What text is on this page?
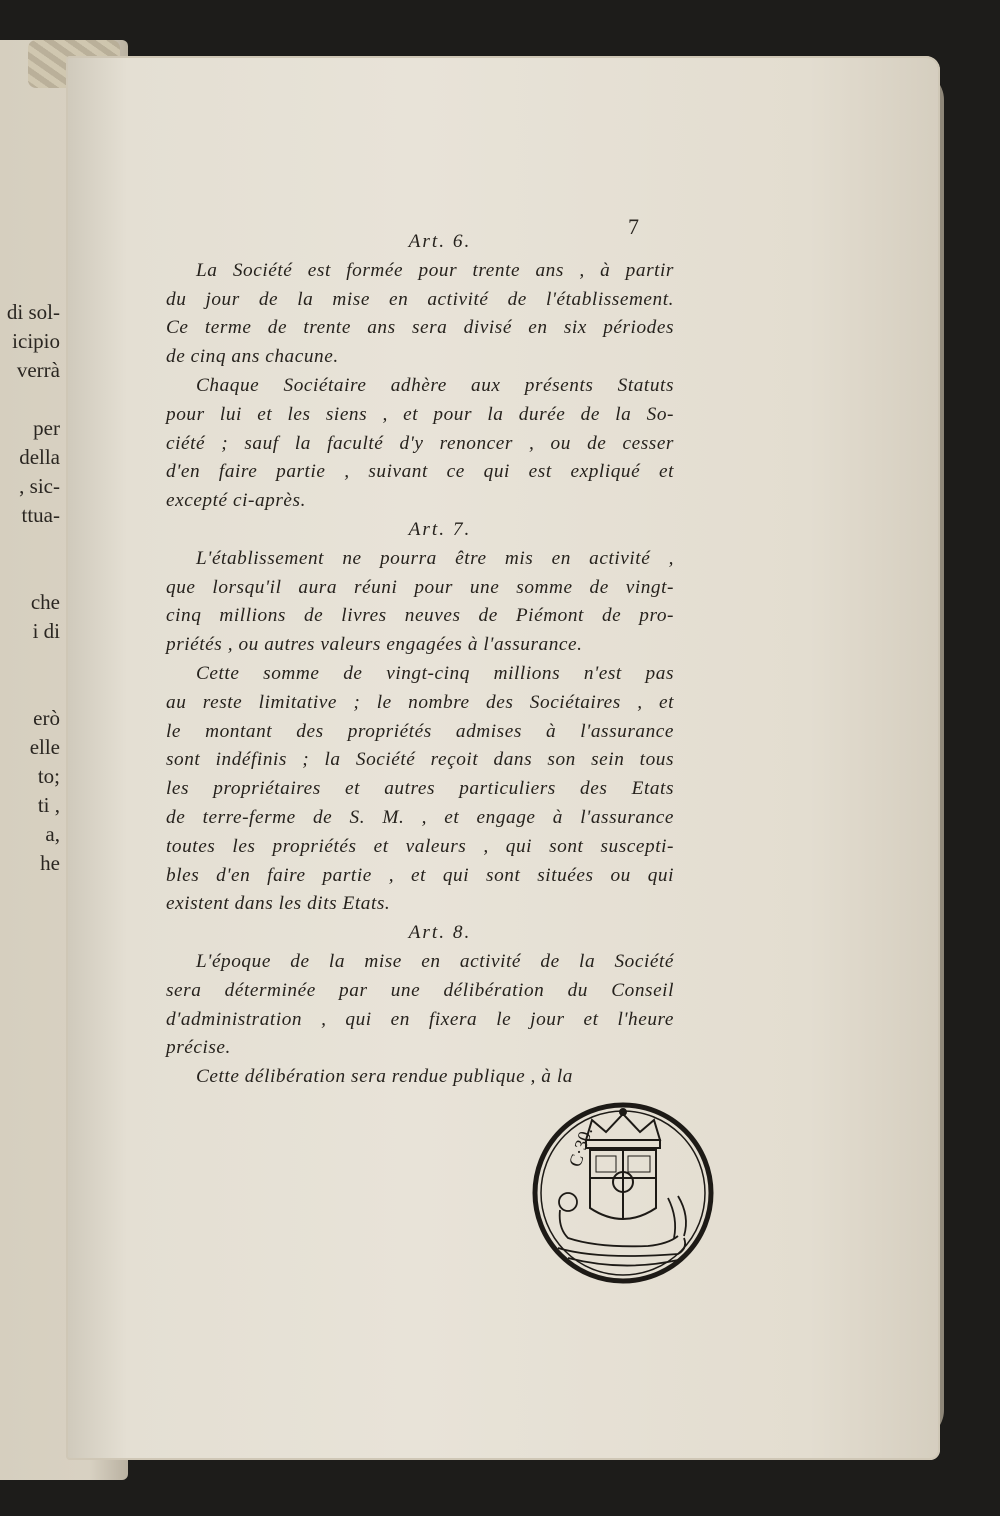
di sol-
icipio
verrà
per
della
, sic-
ttua-
che
i di
erò
elle
to;
ti ,
a,
he
7
Art. 6.
La Société est formée pour trente ans , à partir
du jour de la mise en activité de l'établissement.
Ce terme de trente ans sera divisé en six périodes
de cinq ans chacune.
Chaque Sociétaire adhère aux présents Statuts
pour lui et les siens , et pour la durée de la So-
ciété ; sauf la faculté d'y renoncer , ou de cesser
d'en faire partie , suivant ce qui est expliqué et
excepté ci-après.
Art. 7.
L'établissement ne pourra être mis en activité ,
que lorsqu'il aura réuni pour une somme de vingt-
cinq millions de livres neuves de Piémont de pro-
priétés , ou autres valeurs engagées à l'assurance.
Cette somme de vingt-cinq millions n'est pas
au reste limitative ; le nombre des Sociétaires , et
le montant des propriétés admises à l'assurance
sont indéfinis ; la Société reçoit dans son sein tous
les propriétaires et autres particuliers des Etats
de terre-ferme de S. M. , et engage à l'assurance
toutes les propriétés et valeurs , qui sont suscepti-
bles d'en faire partie , et qui sont situées ou qui
existent dans les dits Etats.
Art. 8.
L'époque de la mise en activité de la Société
sera déterminée par une délibération du Conseil
d'administration , qui en fixera le jour et l'heure
précise.
Cette délibération sera rendue publique , à la
C·30.
